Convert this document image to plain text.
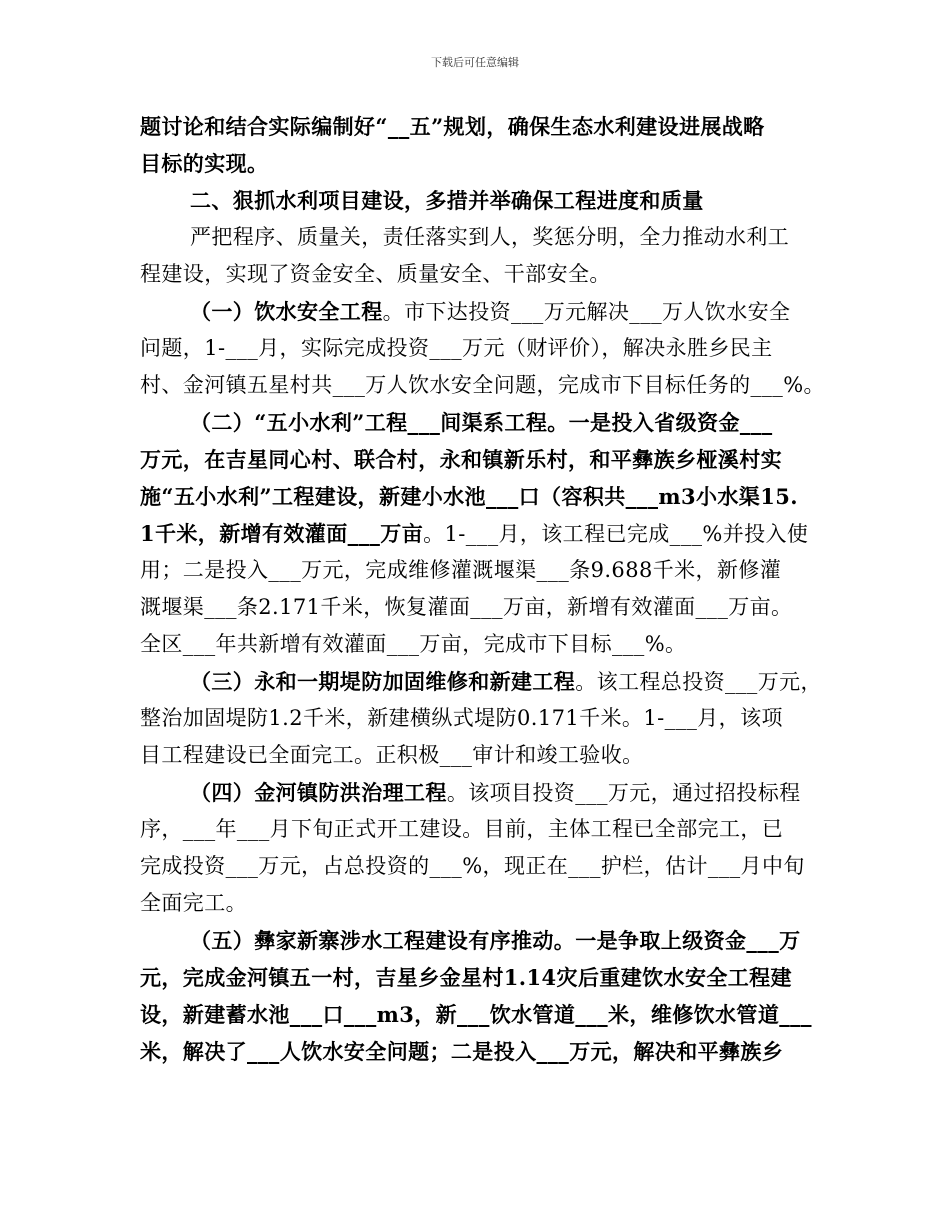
下载后可任意编辑
题讨论和结合实际编制好“__五”规划，确保生态水利建设进展战略
目标的实现。
二、狠抓水利项目建设，多措并举确保工程进度和质量
严把程序、质量关，责任落实到人，奖惩分明，全力推动水利工
程建设，实现了资金安全、质量安全、干部安全。
（一）饮水安全工程。市下达投资___万元解决___万人饮水安全
问题，1-___月，实际完成投资___万元（财评价），解决永胜乡民主
村、金河镇五星村共___万人饮水安全问题，完成市下目标任务的___%。
（二）“五小水利”工程___间渠系工程。一是投入省级资金___
万元，在吉星同心村、联合村，永和镇新乐村，和平彝族乡桠溪村实
施“五小水利”工程建设，新建小水池___口（容积共___m3小水渠15.
1千米，新增有效灌面___万亩。1-___月，该工程已完成___%并投入使
用；二是投入___万元，完成维修灌溉堰渠___条9.688千米，新修灌
溉堰渠___条2.171千米，恢复灌面___万亩，新增有效灌面___万亩。
全区___年共新增有效灌面___万亩，完成市下目标___%。
（三）永和一期堤防加固维修和新建工程。该工程总投资___万元，
整治加固堤防1.2千米，新建横纵式堤防0.171千米。1-___月，该项
目工程建设已全面完工。正积极___审计和竣工验收。
（四）金河镇防洪治理工程。该项目投资___万元，通过招投标程
序，___年___月下旬正式开工建设。目前，主体工程已全部完工，已
完成投资___万元，占总投资的___%，现正在___护栏，估计___月中旬
全面完工。
（五）彝家新寨涉水工程建设有序推动。一是争取上级资金___万
元，完成金河镇五一村，吉星乡金星村1.14灾后重建饮水安全工程建
设，新建蓄水池___口___m3，新___饮水管道___米，维修饮水管道___
米，解决了___人饮水安全问题；二是投入___万元，解决和平彝族乡
